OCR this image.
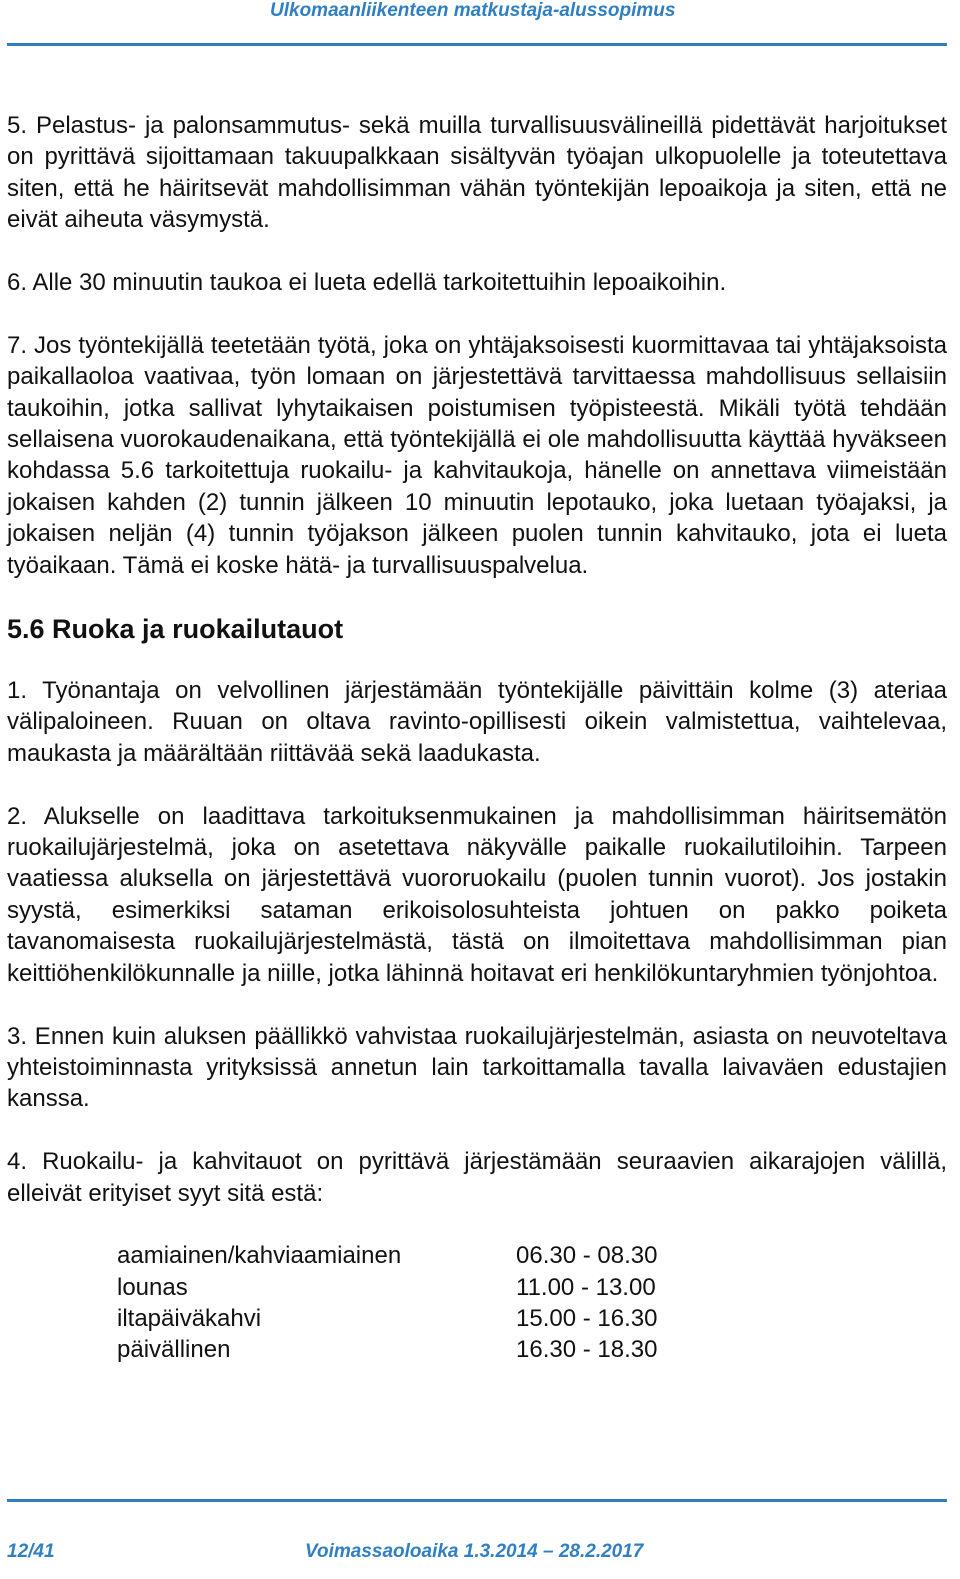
Ulkomaanliikenteen matkustaja-alussopimus

5. Pelastus- ja palonsammutus- sekä muilla turvallisuusvälineillä pidettävät harjoitukset on pyrittävä sijoittamaan takuupalkkaan sisältyvän työajan ulkopuolelle ja toteutettava siten, että he häiritsevät mahdollisimman vähän työntekijän lepoaikoja ja siten, että ne eivät aiheuta väsymystä.

6. Alle 30 minuutin taukoa ei lueta edellä tarkoitettuihin lepoaikoihin.

7. Jos työntekijällä teetetään työtä, joka on yhtäjaksoisesti kuormittavaa tai yhtäjaksoista paikallaoloa vaativaa, työn lomaan on järjestettävä tarvittaessa mahdollisuus sellaisiin taukoihin, jotka sallivat lyhytaikaisen poistumisen työpisteestä. Mikäli työtä tehdään sellaisena vuorokaudenaikana, että työntekijällä ei ole mahdollisuutta käyttää hyväkseen kohdassa 5.6 tarkoitettuja ruokailu- ja kahvitaukoja, hänelle on annettava viimeistään jokaisen kahden (2) tunnin jälkeen 10 minuutin lepotauko, joka luetaan työajaksi, ja jokaisen neljän (4) tunnin työjakson jälkeen puolen tunnin kahvitauko, jota ei lueta työaikaan. Tämä ei koske hätä- ja turvallisuuspalvelua.

5.6 Ruoka ja ruokailutauot

1. Työnantaja on velvollinen järjestämään työntekijälle päivittäin kolme (3) ateriaa välipaloineen. Ruuan on oltava ravinto-opillisesti oikein valmistettua, vaihtelevaa, maukasta ja määrältään riittävää sekä laadukasta.

2. Alukselle on laadittava tarkoituksenmukainen ja mahdollisimman häiritsemätön ruokailujärjestelmä, joka on asetettava näkyvälle paikalle ruokailutiloihin. Tarpeen vaatiessa aluksella on järjestettävä vuororuokailu (puolen tunnin vuorot). Jos jostakin syystä, esimerkiksi sataman erikoisolosuhteista johtuen on pakko poiketa tavanomaisesta ruokailujärjestelmästä, tästä on ilmoitettava mahdollisimman pian keittiöhenkilökunnalle ja niille, jotka lähinnä hoitavat eri henkilökuntaryhmien työnjohtoa.

3. Ennen kuin aluksen päällikkö vahvistaa ruokailujärjestelmän, asiasta on neuvoteltava yhteistoiminnasta yrityksissä annetun lain tarkoittamalla tavalla laivaväen edustajien kanssa.

4. Ruokailu- ja kahvitauot on pyrittävä järjestämään seuraavien aikarajojen välillä, elleivät erityiset syyt sitä estä:

aamiainen/kahviaamiainen	06.30 - 08.30
lounas	11.00 - 13.00
iltapäiväkahvi	15.00 - 16.30
päivällinen	16.30 - 18.30
12/41	Voimassaoloaika 1.3.2014 – 28.2.2017
